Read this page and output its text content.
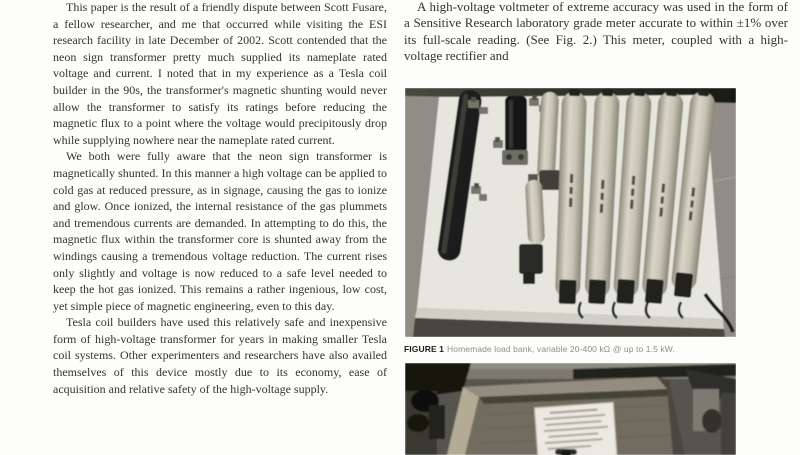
This paper is the result of a friendly dispute between Scott Fusare, a fellow researcher, and me that occurred while visiting the ESI research facility in late December of 2002. Scott contended that the neon sign transformer pretty much supplied its nameplate rated voltage and current. I noted that in my experience as a Tesla coil builder in the 90s, the transformer's magnetic shunting would never allow the transformer to satisfy its ratings before reducing the magnetic flux to a point where the voltage would precipitously drop while supplying nowhere near the nameplate rated current.

We both were fully aware that the neon sign transformer is magnetically shunted. In this manner a high voltage can be applied to cold gas at reduced pressure, as in signage, causing the gas to ionize and glow. Once ionized, the internal resistance of the gas plummets and tremendous currents are demanded. In attempting to do this, the magnetic flux within the transformer core is shunted away from the windings causing a tremendous voltage reduction. The current rises only slightly and voltage is now reduced to a safe level needed to keep the hot gas ionized. This remains a rather ingenious, low cost, yet simple piece of magnetic engineering, even to this day.

Tesla coil builders have used this relatively safe and inexpensive form of high-voltage transformer for years in making smaller Tesla coil systems. Other experimenters and researchers have also availed themselves of this device mostly due to its economy, ease of acquisition and relative safety of the high-voltage supply.

A high-voltage voltmeter of extreme accuracy was used in the form of a Sensitive Research laboratory grade meter accurate to within ±1% over its full-scale reading. (See Fig. 2.) This meter, coupled with a high-voltage rectifier and

FIGURE 1 Homemade load bank, variable 20-400 kΩ @ up to 1.5 kW.
